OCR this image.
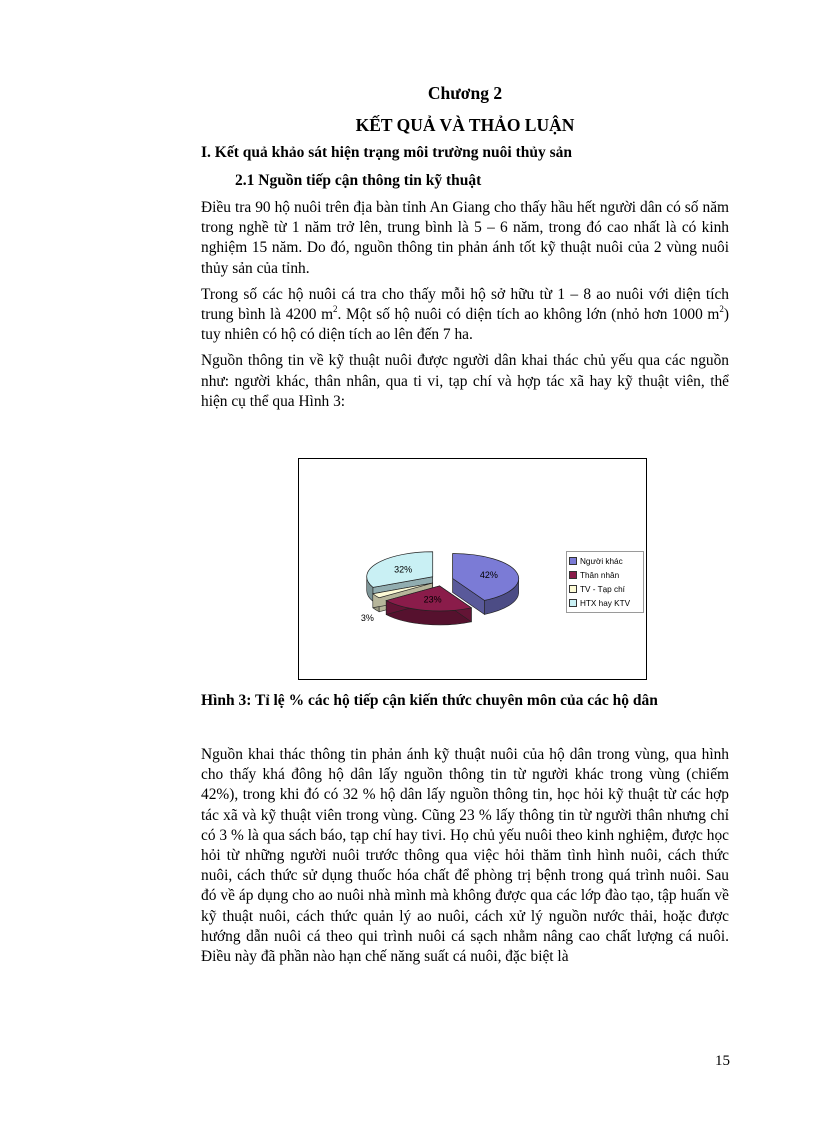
Chương 2
KẾT QUẢ VÀ THẢO LUẬN
I. Kết quả khảo sát hiện trạng môi trường nuôi thủy sản
2.1 Nguồn tiếp cận thông tin kỹ thuật

Điều tra 90 hộ nuôi trên địa bàn tỉnh An Giang cho thấy hầu hết người dân có số năm trong nghề từ 1 năm trở lên, trung bình là 5 – 6 năm, trong đó cao nhất là có kinh nghiệm 15 năm. Do đó, nguồn thông tin phản ánh tốt kỹ thuật nuôi của 2 vùng nuôi thủy sản của tỉnh.

Trong số các hộ nuôi cá tra cho thấy mỗi hộ sở hữu từ 1 – 8 ao nuôi với diện tích trung bình là 4200 $m^2$. Một số hộ nuôi có diện tích ao không lớn (nhỏ hơn 1000 $m^2$) tuy nhiên có hộ có diện tích ao lên đến 7 ha.

Nguồn thông tin về kỹ thuật nuôi được người dân khai thác chủ yếu qua các nguồn như: người khác, thân nhân, qua ti vi, tạp chí và hợp tác xã hay kỹ thuật viên, thể hiện cụ thể qua Hình 3:

32%
42%
3%
23%
Người khác
Thân nhân
TV - Tạp chí
HTX hay KTV
Hình 3: Tỉ lệ % các hộ tiếp cận kiến thức chuyên môn của các hộ dân

Nguồn khai thác thông tin phản ánh kỹ thuật nuôi của hộ dân trong vùng, qua hình cho thấy khá đông hộ dân lấy nguồn thông tin từ người khác trong vùng (chiếm 42%), trong khi đó có 32 % hộ dân lấy nguồn thông tin, học hỏi kỹ thuật từ các hợp tác xã và kỹ thuật viên trong vùng. Cũng 23 % lấy thông tin từ người thân nhưng chỉ có 3 % là qua sách báo, tạp chí hay tivi. Họ chủ yếu nuôi theo kinh nghiệm, được học hỏi từ những người nuôi trước thông qua việc hỏi thăm tình hình nuôi, cách thức nuôi, cách thức sử dụng thuốc hóa chất để phòng trị bệnh trong quá trình nuôi. Sau đó về áp dụng cho ao nuôi nhà mình mà không được qua các lớp đào tạo, tập huấn về kỹ thuật nuôi, cách thức quản lý ao nuôi, cách xử lý nguồn nước thải, hoặc được hướng dẫn nuôi cá theo qui trình nuôi cá sạch nhằm nâng cao chất lượng cá nuôi. Điều này đã phần nào hạn chế năng suất cá nuôi, đặc biệt là

15
